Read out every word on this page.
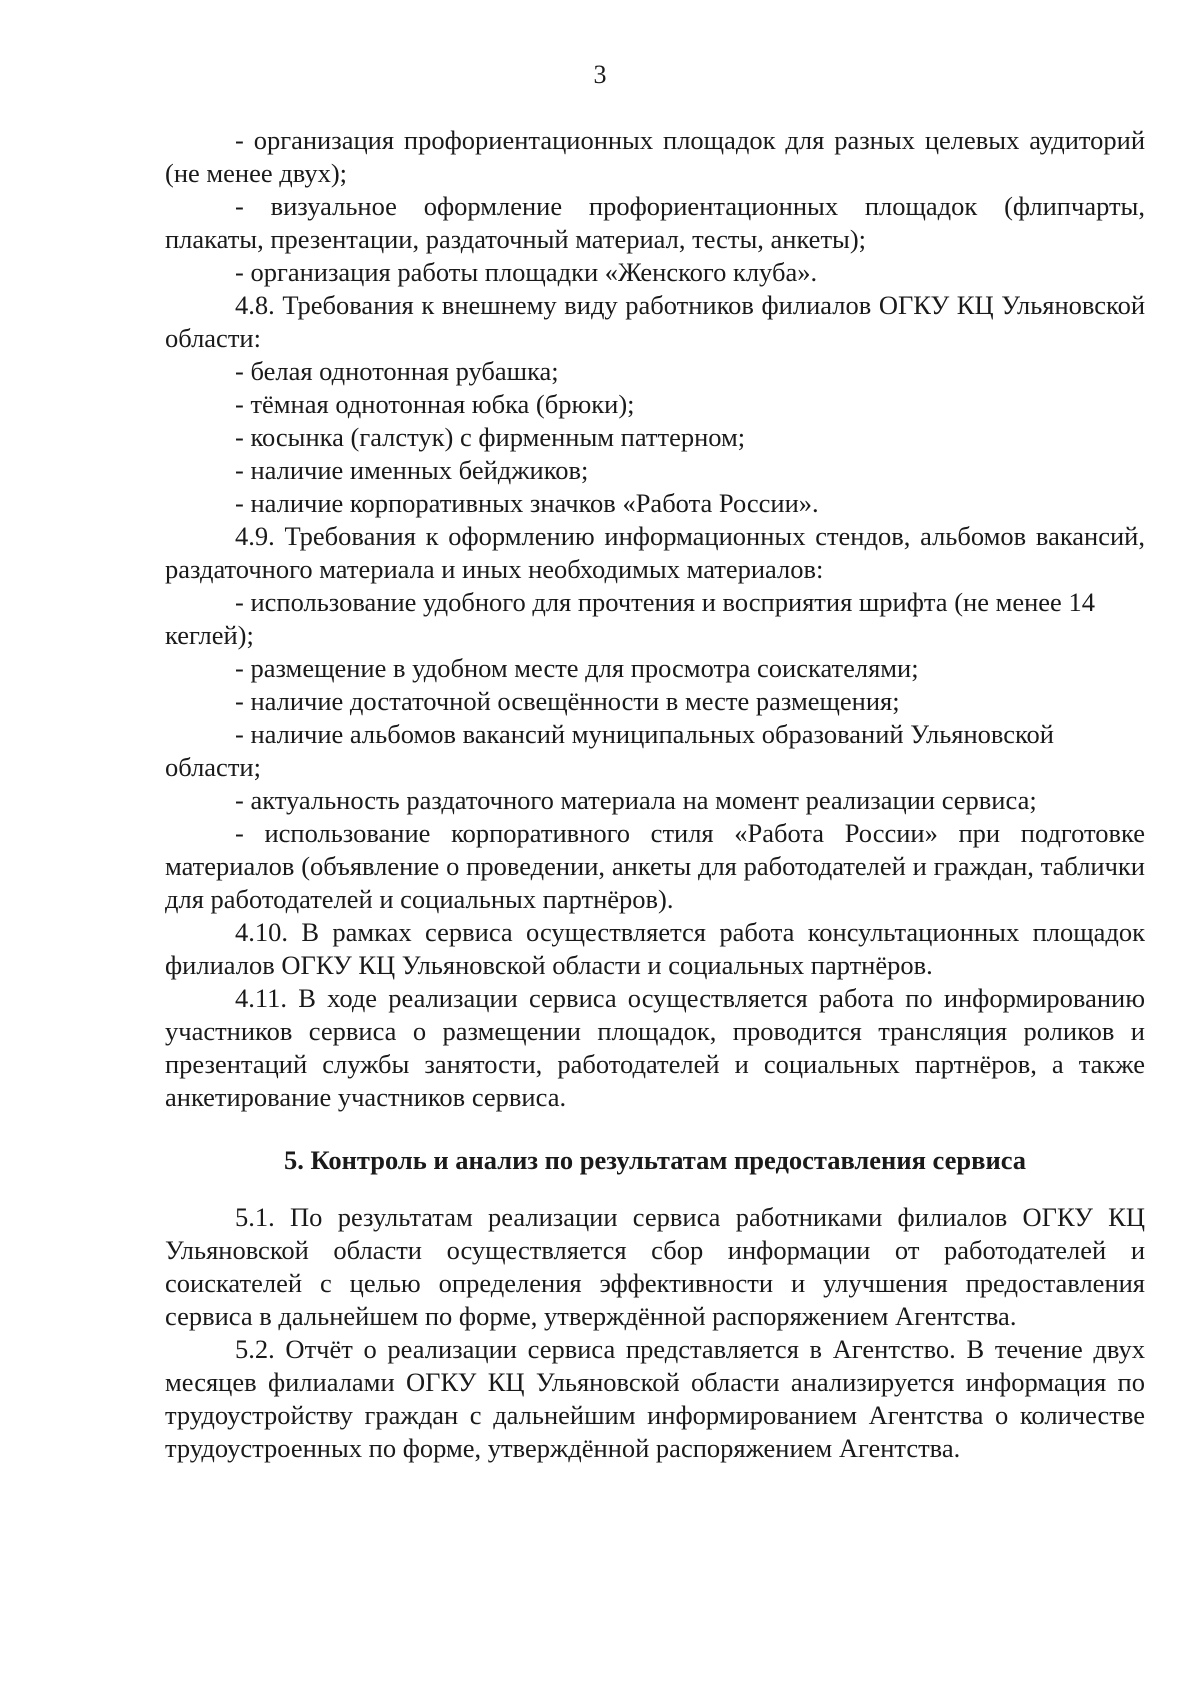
3

- организация профориентационных площадок для разных целевых аудиторий (не менее двух);

- визуальное оформление профориентационных площадок (флипчарты, плакаты, презентации, раздаточный материал, тесты, анкеты);

- организация работы площадки «Женского клуба».

4.8. Требования к внешнему виду работников филиалов ОГКУ КЦ Ульяновской области:

- белая однотонная рубашка;

- тёмная однотонная юбка (брюки);

- косынка (галстук) с фирменным паттерном;

- наличие именных бейджиков;

- наличие корпоративных значков «Работа России».

4.9. Требования к оформлению информационных стендов, альбомов вакансий, раздаточного материала и иных необходимых материалов:

- использование удобного для прочтения и восприятия шрифта (не менее 14 кеглей);

- размещение в удобном месте для просмотра соискателями;

- наличие достаточной освещённости в месте размещения;

- наличие альбомов вакансий муниципальных образований Ульяновской области;

- актуальность раздаточного материала на момент реализации сервиса;

- использование корпоративного стиля «Работа России» при подготовке материалов (объявление о проведении, анкеты для работодателей и граждан, таблички для работодателей и социальных партнёров).

4.10. В рамках сервиса осуществляется работа консультационных площадок филиалов ОГКУ КЦ Ульяновской области и социальных партнёров.

4.11. В ходе реализации сервиса осуществляется работа по информированию участников сервиса о размещении площадок, проводится трансляция роликов и презентаций службы занятости, работодателей и социальных партнёров, а также анкетирование участников сервиса.

5. Контроль и анализ по результатам предоставления сервиса

5.1. По результатам реализации сервиса работниками филиалов ОГКУ КЦ Ульяновской области осуществляется сбор информации от работодателей и соискателей с целью определения эффективности и улучшения предоставления сервиса в дальнейшем по форме, утверждённой распоряжением Агентства.

5.2. Отчёт о реализации сервиса представляется в Агентство. В течение двух месяцев филиалами ОГКУ КЦ Ульяновской области анализируется информация по трудоустройству граждан с дальнейшим информированием Агентства о количестве трудоустроенных по форме, утверждённой распоряжением Агентства.
